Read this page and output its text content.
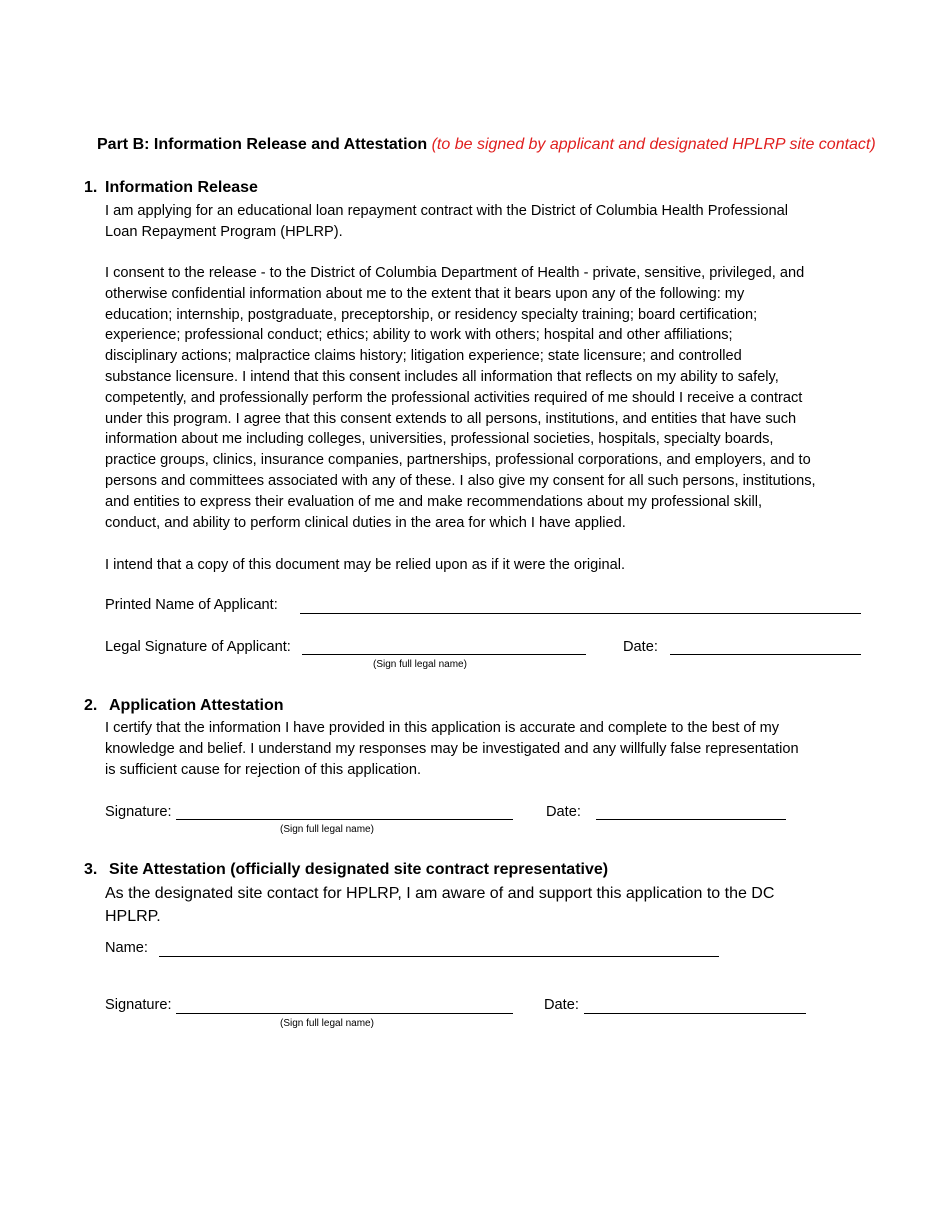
Part B: Information Release and Attestation (to be signed by applicant and designated HPLRP site contact)
1. Information Release
I am applying for an educational loan repayment contract with the District of Columbia Health Professional
Loan Repayment Program (HPLRP).
I consent to the release - to the District of Columbia Department of Health - private, sensitive, privileged, and
otherwise confidential information about me to the extent that it bears upon any of the following: my
education; internship, postgraduate, preceptorship, or residency specialty training; board certification;
experience; professional conduct; ethics; ability to work with others; hospital and other affiliations;
disciplinary actions; malpractice claims history; litigation experience; state licensure; and controlled
substance licensure. I intend that this consent includes all information that reflects on my ability to safely,
competently, and professionally perform the professional activities required of me should I receive a contract
under this program. I agree that this consent extends to all persons, institutions, and entities that have such
information about me including colleges, universities, professional societies, hospitals, specialty boards,
practice groups, clinics, insurance companies, partnerships, professional corporations, and employers, and to
persons and committees associated with any of these. I also give my consent for all such persons, institutions,
and entities to express their evaluation of me and make recommendations about my professional skill,
conduct, and ability to perform clinical duties in the area for which I have applied.
I intend that a copy of this document may be relied upon as if it were the original.
Printed Name of Applicant:
Legal Signature of Applicant:
(Sign full legal name)
Date:
2. Application Attestation
I certify that the information I have provided in this application is accurate and complete to the best of my
knowledge and belief. I understand my responses may be investigated and any willfully false representation
is sufficient cause for rejection of this application.
Signature:
(Sign full legal name)
Date:
3. Site Attestation (officially designated site contract representative)
As the designated site contact for HPLRP, I am aware of and support this application to the DC
HPLRP.
Name:
Signature:
(Sign full legal name)
Date:
